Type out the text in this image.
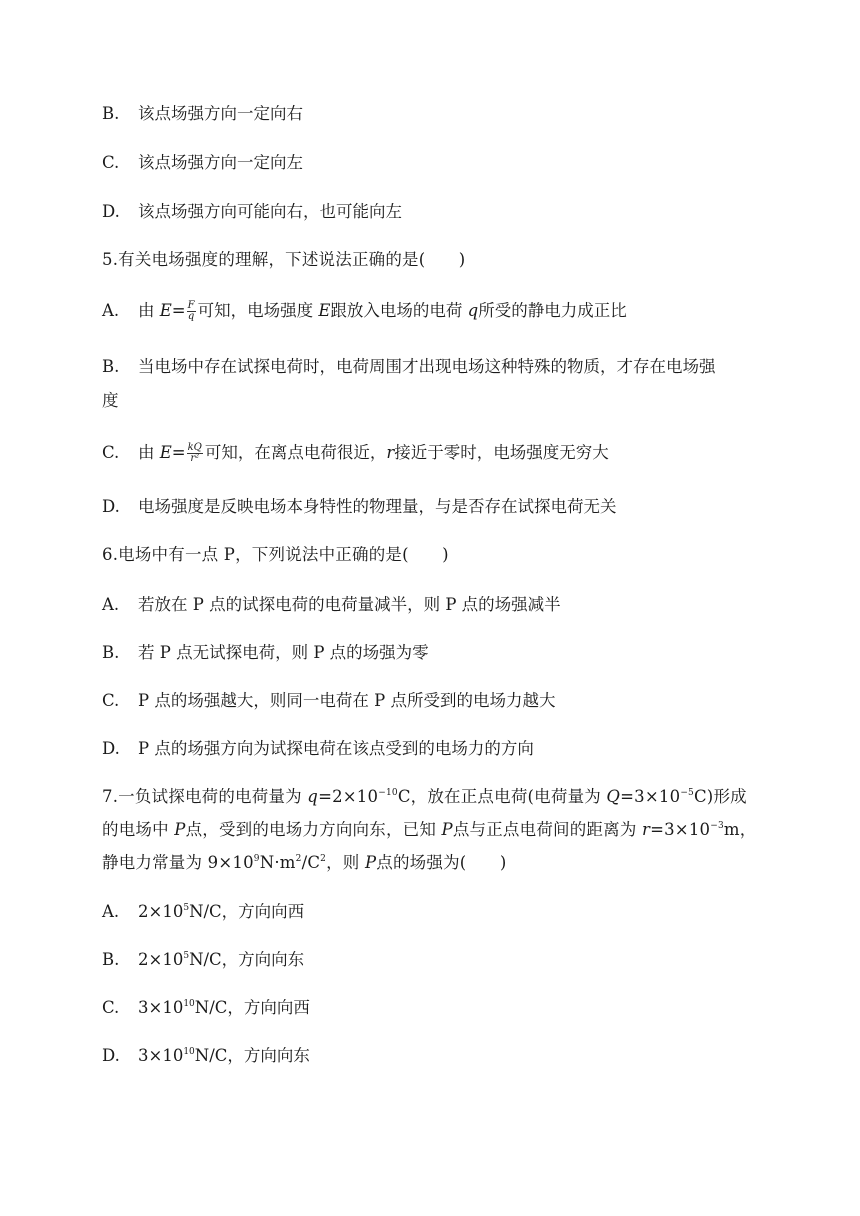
B. 该点场强方向一定向右
C. 该点场强方向一定向左
D. 该点场强方向可能向右，也可能向左
5.有关电场强度的理解，下述说法正确的是(　　)
A. 由 $E= \frac{F}{q}$ 可知，电场强度 E跟放入电场的电荷 q所受的静电力成正比
B. 当电场中存在试探电荷时，电荷周围才出现电场这种特殊的物质，才存在电场强
度
C. 由 $E= \frac{kQ}{\text{r²}}$ 可知，在离点电荷很近，r接近于零时，电场强度无穷大
D. 电场强度是反映电场本身特性的物理量，与是否存在试探电荷无关
6.电场中有一点 P，下列说法中正确的是(　　)
A. 若放在 P 点的试探电荷的电荷量减半，则 P 点的场强减半
B. 若 P 点无试探电荷，则 P 点的场强为零
C. P 点的场强越大，则同一电荷在 P 点所受到的电场力越大
D. P 点的场强方向为试探电荷在该点受到的电场力的方向
7.一负试探电荷的电荷量为 $q=2\times 10^{-10}C$，放在正点电荷(电荷量为 $Q=3\times 10^{-5}C$)形成
的电场中 P点，受到的电场力方向向东，已知 P点与正点电荷间的距离为 $r=3\times 10^{-3}m$，
静电力常量为 $9\times 10^9N\cdot m^2/C^2$，则 P点的场强为(　　)
A. $2\times 10^5N/C$，方向向西
B. $2\times 10^5N/C$，方向向东
C. $3\times 10^{10}N/C$，方向向西
D. $3\times 10^{10}N/C$，方向向东
